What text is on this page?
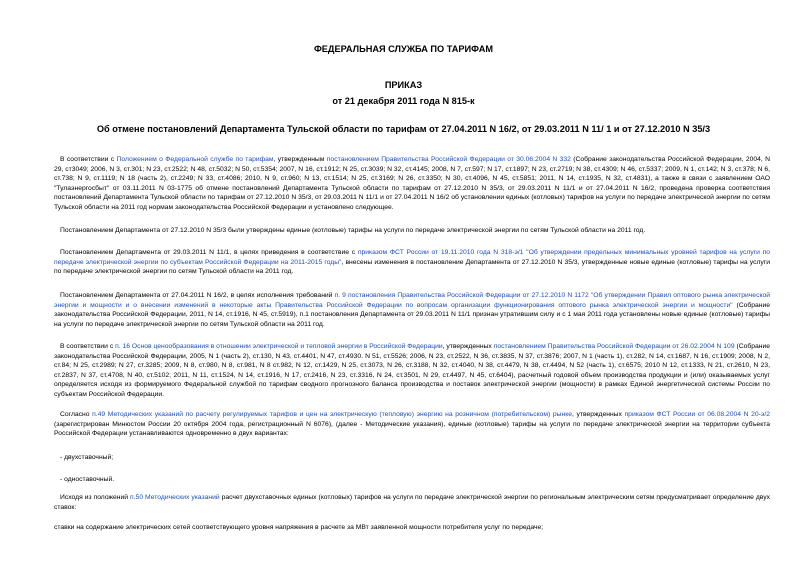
ФЕДЕРАЛЬНАЯ СЛУЖБА ПО ТАРИФАМ
ПРИКАЗ
от 21 декабря 2011 года N 815-к
Об отмене постановлений Департамента Тульской области по тарифам от 27.04.2011 N 16/2, от 29.03.2011 N 11/ 1 и от 27.12.2010 N 35/3

В соответствии с Положением о Федеральной службе по тарифам, утвержденным постановлением Правительства Российской Федерации от 30.06.2004 N 332 (Собрание законодательства Российской Федерации, 2004, N 29, ст3049; 2006, N 3, ст.301; N 23, ст.2522; N 48, ст.5032; N 50, ст.5354; 2007, N 16, ст.1912; N 25, ст.3039; N 32, ст.4145; 2008, N 7, ст.597; N 17, ст.1897; N 23, ст.2719; N 38, ст.4309; N 46, ст.5337; 2009, N 1, ст.142; N 3, ст.378; N 6, ст.738; N 9, ст.1119; N 18 (часть 2), ст.2249; N 33, ст.4086; 2010, N 9, ст.960; N 13, ст.1514; N 25, ст.3169; N 26, ст.3350; N 30, ст.4096, N 45, ст.5851; 2011, N 14, ст.1935, N 32, ст.4831), а также в связи с заявлением ОАО "Тулаэнергосбыт" от 03.11.2011 N 03-1775 об отмене постановлений Департамента Тульской области по тарифам от 27.12.2010 N 35/3, от 29.03.2011 N 11/1 и от 27.04.2011 N 16/2, проведена проверка соответствия постановлений Департамента Тульской области по тарифам от 27.12.2010 N 35/3, от 29.03.2011 N 11/1 и от 27.04.2011 N 16/2 об установлении единых (котловых) тарифов на услуги по передаче электрической энергии по сетям Тульской области на 2011 год нормам законодательства Российской Федерации и установлено следующее.

Постановлением Департамента от 27.12.2010 N 35/3 были утверждены единые (котловые) тарифы на услуги по передаче электрической энергии по сетям Тульской области на 2011 год.

Постановлением Департамента от 29.03.2011 N 11/1, в целях приведения в соответствие с приказом ФСТ России от 19.11.2010 года N 318-э/1 "Об утверждении предельных минимальных уровней тарифов на услуги по передаче электрической энергии по субъектам Российской Федерации на 2011-2015 годы", внесены изменения в постановление Департамента от 27.12.2010 N 35/3, утвержденные новые единые (котловые) тарифы на услуги по передаче электрической энергии по сетям Тульской области на 2011 год.

Постановлением Департамента от 27.04.2011 N 16/2, в целях исполнения требований п. 9 постановления Правительства Российской Федерации от 27.12.2010 N 1172 "Об утверждении Правил оптового рынка электрической энергии и мощности и о внесении изменений в некоторые акты Правительства Российской Федерации по вопросам организации функционирования оптового рынка электрической энергии и мощности" (Собрание законодательства Российской Федерации, 2011, N 14, ст.1916, N 45, ст.5919), п.1 постановления Департамента от 29.03.2011 N 11/1 признан утратившим силу и с 1 мая 2011 года установлены новые единые (котловые) тарифы на услуги по передаче электрической энергии по сетям Тульской области на 2011 год.

В соответствии с п. 16 Основ ценообразования в отношении электрической и тепловой энергии в Российской Федерации, утвержденных постановлением Правительства Российской Федерации от 26.02.2004 N 109 (Собрание законодательства Российской Федерации, 2005, N 1 (часть 2), ст.130, N 43, ст.4401, N 47, ст.4930. N 51, ст.5526; 2006, N 23, ст.2522, N 36, ст.3835, N 37, ст.3876; 2007, N 1 (часть 1), ст.282, N 14, ст.1687, N 16, ст.1909; 2008, N 2, ст.84; N 25, ст.2989; N 27, ст.3285; 2009, N 8, ст.980, N 8, ст.981, N 8 ст.982, N 12, ст.1429, N 25, ст.3073, N 26, ст.3188, N 32, ст.4040, N 38, ст.4479, N 38, ст.4494, N 52 (часть 1), ст.6575; 2010 N 12, ст.1333, N 21, ст.2610, N 23, ст.2837, N 37, ст.4708, N 40, ст.5102; 2011, N 11, ст.1524, N 14, ст.1916, N 17, ст.2416, N 23, ст.3316, N 24, ст.3501, N 29, ст.4497, N 45, ст.6404), расчетный годовой объем производства продукции и (или) оказываемых услуг определяется исходя из формируемого Федеральной службой по тарифам сводного прогнозного баланса производства и поставок электрической энергии (мощности) в рамках Единой энергетической системы России по субъектам Российской Федерации.

Согласно п.49 Методических указаний по расчету регулируемых тарифов и цен на электрическую (тепловую) энергию на розничном (потребительском) рынке, утвержденных приказом ФСТ России от 06.08.2004 N 20-э/2 (зарегистрирован Минюстом России 20 октября 2004 года, регистрационный N 6076), (далее - Методические указания), единые (котловые) тарифы на услуги по передаче электрической энергии на территории субъекта Российской Федерации устанавливаются одновременно в двух вариантах:

- двухставочный;

- одноставочный.

Исходя из положений п.50 Методических указаний расчет двухставочных единых (котловых) тарифов на услуги по передаче электрической энергии по региональным электрическим сетям предусматривает определение двух ставок:

ставки на содержание электрических сетей соответствующего уровня напряжения в расчете за МВт заявленной мощности потребителя услуг по передаче;
